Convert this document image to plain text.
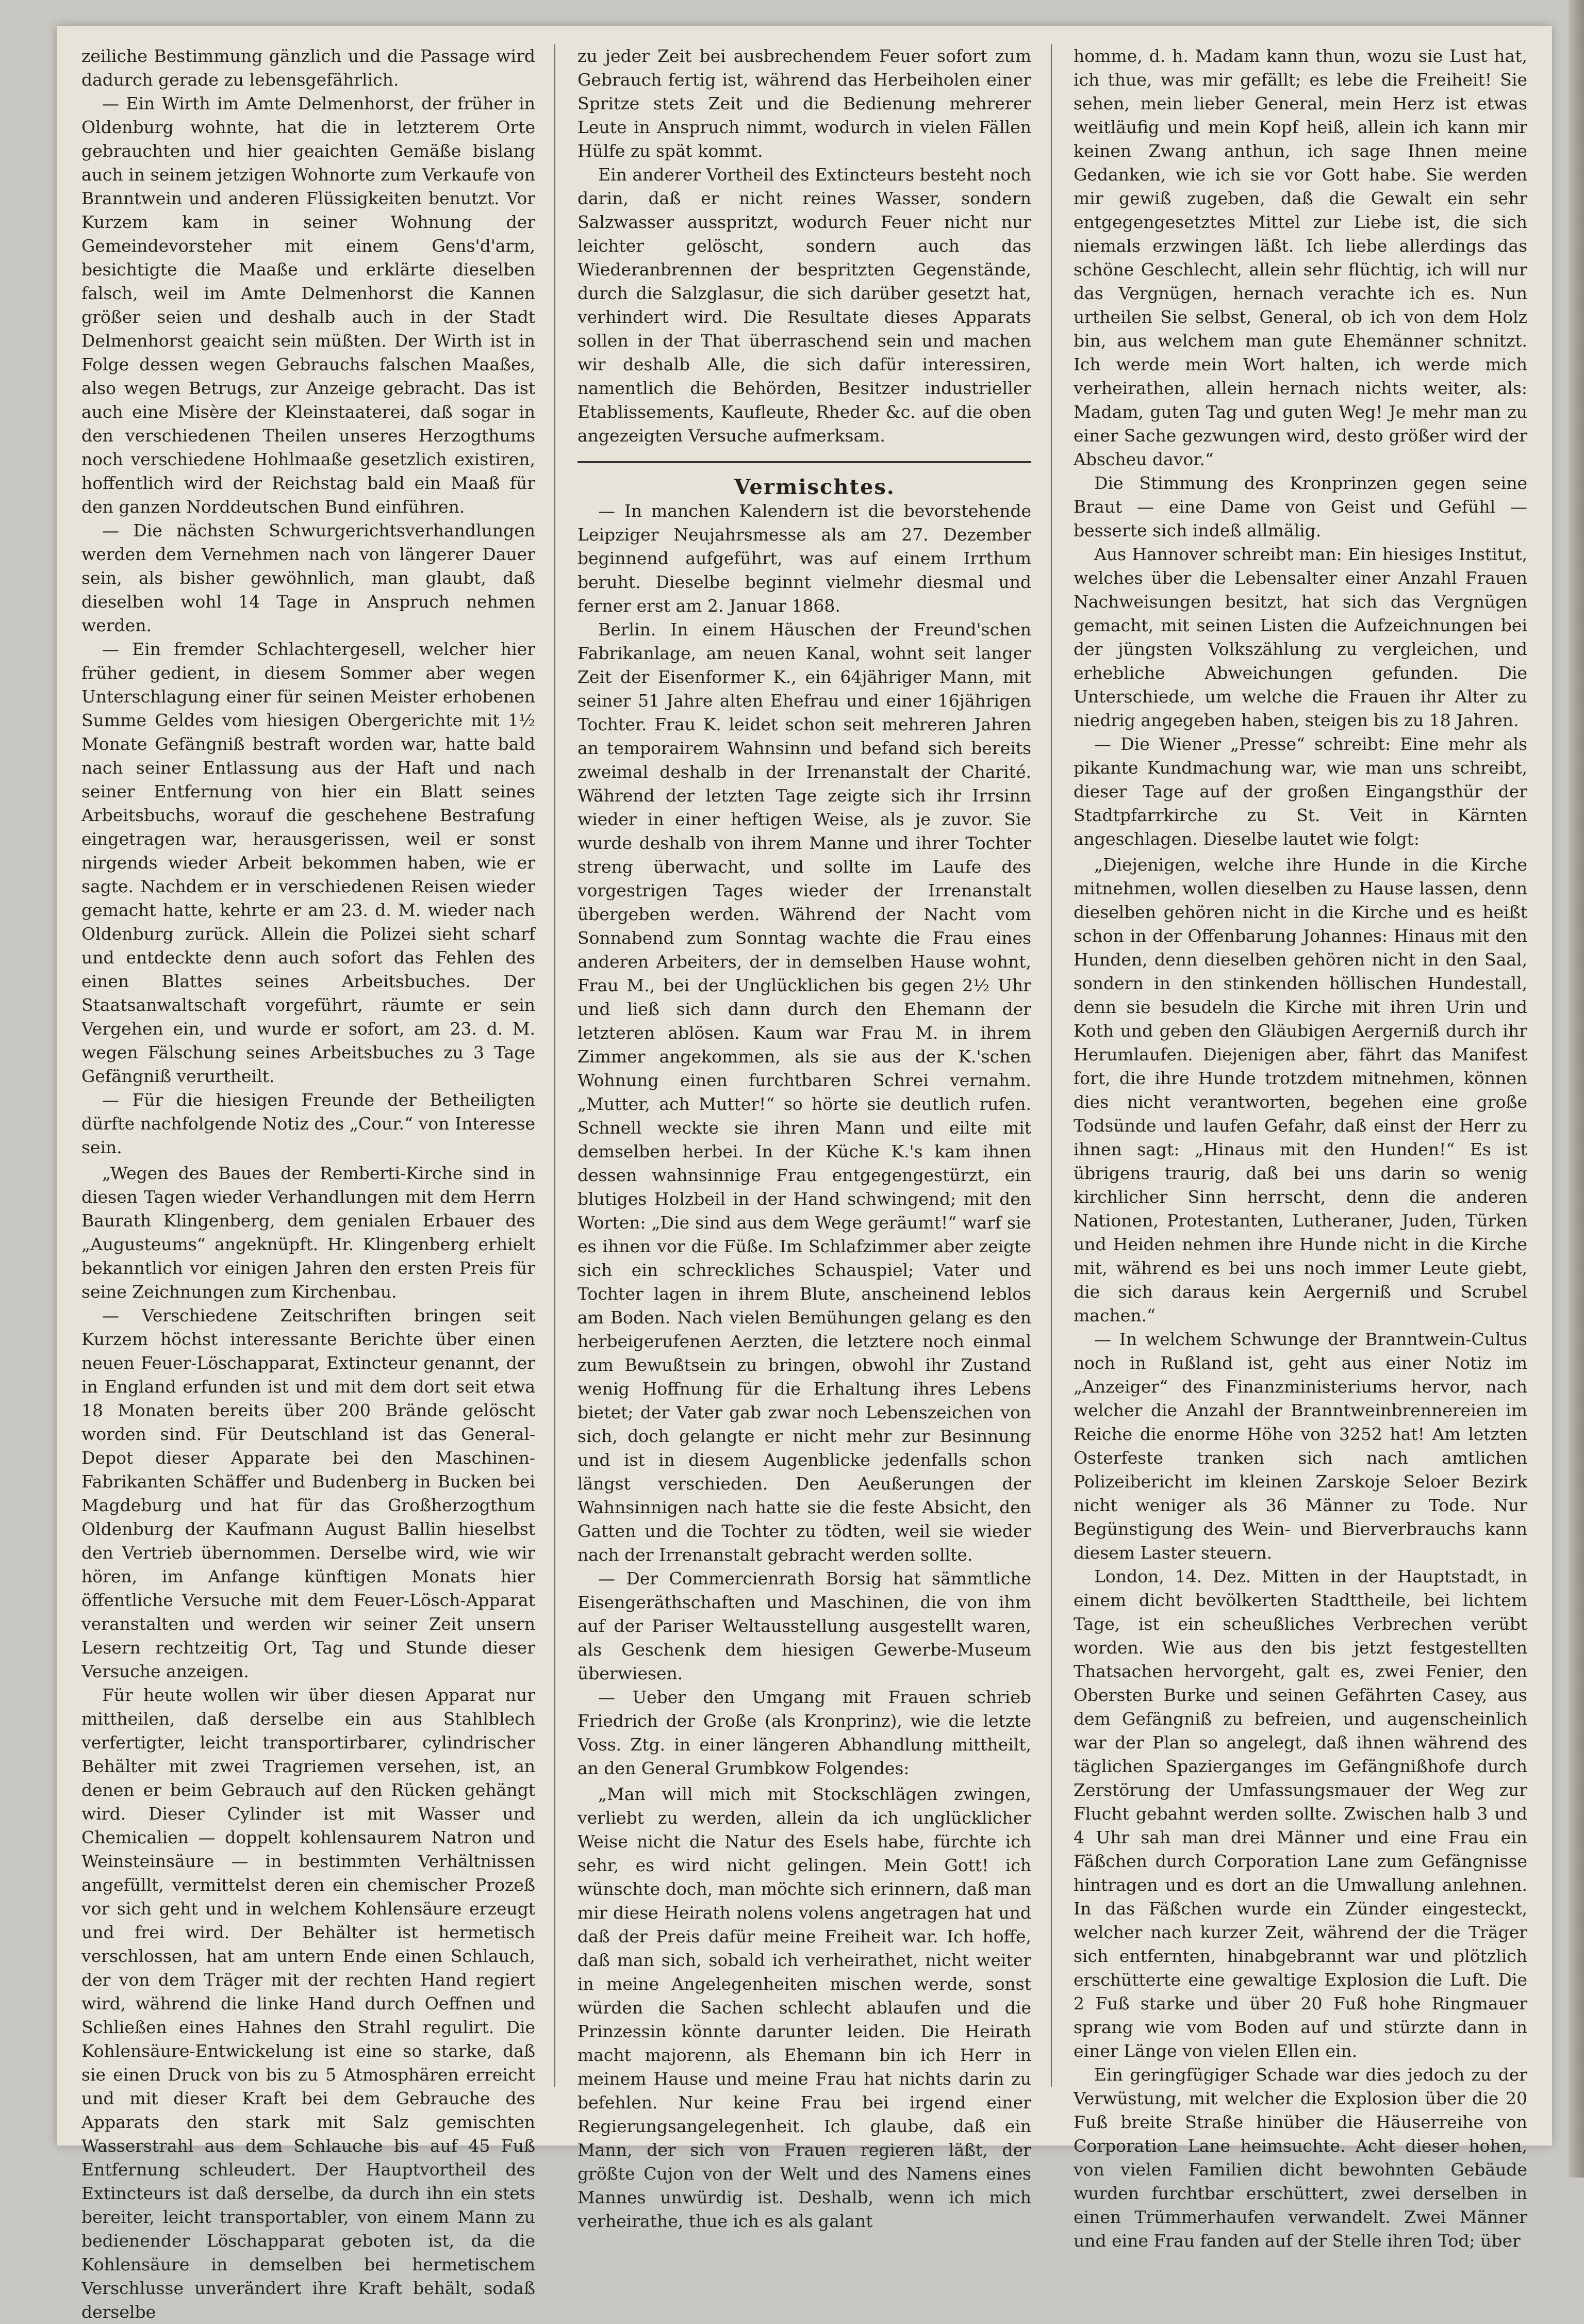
zeiliche Bestimmung gänzlich und die Passage wird dadurch gerade zu lebensgefährlich.

— Ein Wirth im Amte Delmenhorst, der früher in Oldenburg wohnte, hat die in letzterem Orte gebrauchten und hier geaichten Gemäße bislang auch in seinem jetzigen Wohnorte zum Verkaufe von Branntwein und anderen Flüssigkeiten benutzt. Vor Kurzem kam in seiner Wohnung der Gemeindevorsteher mit einem Gens'd'arm, besichtigte die Maaße und erklärte dieselben falsch, weil im Amte Delmenhorst die Kannen größer seien und deshalb auch in der Stadt Delmenhorst geaicht sein müßten. Der Wirth ist in Folge dessen wegen Gebrauchs falschen Maaßes, also wegen Betrugs, zur Anzeige gebracht. Das ist auch eine Misère der Kleinstaaterei, daß sogar in den verschiedenen Theilen unseres Herzogthums noch verschiedene Hohlmaaße gesetzlich existiren, hoffentlich wird der Reichstag bald ein Maaß für den ganzen Norddeutschen Bund einführen.

— Die nächsten Schwurgerichtsverhandlungen werden dem Vernehmen nach von längerer Dauer sein, als bisher gewöhnlich, man glaubt, daß dieselben wohl 14 Tage in Anspruch nehmen werden.

— Ein fremder Schlachtergesell, welcher hier früher gedient, in diesem Sommer aber wegen Unterschlagung einer für seinen Meister erhobenen Summe Geldes vom hiesigen Obergerichte mit 1½ Monate Gefängniß bestraft worden war, hatte bald nach seiner Entlassung aus der Haft und nach seiner Entfernung von hier ein Blatt seines Arbeitsbuchs, worauf die geschehene Bestrafung eingetragen war, herausgerissen, weil er sonst nirgends wieder Arbeit bekommen haben, wie er sagte. Nachdem er in verschiedenen Reisen wieder gemacht hatte, kehrte er am 23. d. M. wieder nach Oldenburg zurück. Allein die Polizei sieht scharf und entdeckte denn auch sofort das Fehlen des einen Blattes seines Arbeitsbuches. Der Staatsanwaltschaft vorgeführt, räumte er sein Vergehen ein, und wurde er sofort, am 23. d. M. wegen Fälschung seines Arbeitsbuches zu 3 Tage Gefängniß verurtheilt.

— Für die hiesigen Freunde der Betheiligten dürfte nachfolgende Notiz des „Cour.“ von Interesse sein.

„Wegen des Baues der Remberti-Kirche sind in diesen Tagen wieder Verhandlungen mit dem Herrn Baurath Klingenberg, dem genialen Erbauer des „Augusteums“ angeknüpft. Hr. Klingenberg erhielt bekanntlich vor einigen Jahren den ersten Preis für seine Zeichnungen zum Kirchenbau.

— Verschiedene Zeitschriften bringen seit Kurzem höchst interessante Berichte über einen neuen Feuer-Löschapparat, Extincteur genannt, der in England erfunden ist und mit dem dort seit etwa 18 Monaten bereits über 200 Brände gelöscht worden sind. Für Deutschland ist das General-Depot dieser Apparate bei den Maschinen-Fabrikanten Schäffer und Budenberg in Bucken bei Magdeburg und hat für das Großherzogthum Oldenburg der Kaufmann August Ballin hieselbst den Vertrieb übernommen. Derselbe wird, wie wir hören, im Anfange künftigen Monats hier öffentliche Versuche mit dem Feuer-Lösch-Apparat veranstalten und werden wir seiner Zeit unsern Lesern rechtzeitig Ort, Tag und Stunde dieser Versuche anzeigen.

Für heute wollen wir über diesen Apparat nur mittheilen, daß derselbe ein aus Stahlblech verfertigter, leicht transportirbarer, cylindrischer Behälter mit zwei Tragriemen versehen, ist, an denen er beim Gebrauch auf den Rücken gehängt wird. Dieser Cylinder ist mit Wasser und Chemicalien — doppelt kohlensaurem Natron und Weinsteinsäure — in bestimmten Verhältnissen angefüllt, vermittelst deren ein chemischer Prozeß vor sich geht und in welchem Kohlensäure erzeugt und frei wird. Der Behälter ist hermetisch verschlossen, hat am untern Ende einen Schlauch, der von dem Träger mit der rechten Hand regiert wird, während die linke Hand durch Oeffnen und Schließen eines Hahnes den Strahl regulirt. Die Kohlensäure-Entwickelung ist eine so starke, daß sie einen Druck von bis zu 5 Atmosphären erreicht und mit dieser Kraft bei dem Gebrauche des Apparats den stark mit Salz gemischten Wasserstrahl aus dem Schlauche bis auf 45 Fuß Entfernung schleudert. Der Hauptvortheil des Extincteurs ist daß derselbe, da durch ihn ein stets bereiter, leicht transportabler, von einem Mann zu bedienender Löschapparat geboten ist, da die Kohlensäure in demselben bei hermetischem Verschlusse unverändert ihre Kraft behält, sodaß derselbe

zu jeder Zeit bei ausbrechendem Feuer sofort zum Gebrauch fertig ist, während das Herbeiholen einer Spritze stets Zeit und die Bedienung mehrerer Leute in Anspruch nimmt, wodurch in vielen Fällen Hülfe zu spät kommt.

Ein anderer Vortheil des Extincteurs besteht noch darin, daß er nicht reines Wasser, sondern Salzwasser ausspritzt, wodurch Feuer nicht nur leichter gelöscht, sondern auch das Wiederanbrennen der bespritzten Gegenstände, durch die Salzglasur, die sich darüber gesetzt hat, verhindert wird. Die Resultate dieses Apparats sollen in der That überraschend sein und machen wir deshalb Alle, die sich dafür interessiren, namentlich die Behörden, Besitzer industrieller Etablissements, Kaufleute, Rheder &c. auf die oben angezeigten Versuche aufmerksam.

Vermischtes.

— In manchen Kalendern ist die bevorstehende Leipziger Neujahrsmesse als am 27. Dezember beginnend aufgeführt, was auf einem Irrthum beruht. Dieselbe beginnt vielmehr diesmal und ferner erst am 2. Januar 1868.

Berlin. In einem Häuschen der Freund'schen Fabrikanlage, am neuen Kanal, wohnt seit langer Zeit der Eisenformer K., ein 64jähriger Mann, mit seiner 51 Jahre alten Ehefrau und einer 16jährigen Tochter. Frau K. leidet schon seit mehreren Jahren an temporairem Wahnsinn und befand sich bereits zweimal deshalb in der Irrenanstalt der Charité. Während der letzten Tage zeigte sich ihr Irrsinn wieder in einer heftigen Weise, als je zuvor. Sie wurde deshalb von ihrem Manne und ihrer Tochter streng überwacht, und sollte im Laufe des vorgestrigen Tages wieder der Irrenanstalt übergeben werden. Während der Nacht vom Sonnabend zum Sonntag wachte die Frau eines anderen Arbeiters, der in demselben Hause wohnt, Frau M., bei der Unglücklichen bis gegen 2½ Uhr und ließ sich dann durch den Ehemann der letzteren ablösen. Kaum war Frau M. in ihrem Zimmer angekommen, als sie aus der K.'schen Wohnung einen furchtbaren Schrei vernahm. „Mutter, ach Mutter!“ so hörte sie deutlich rufen. Schnell weckte sie ihren Mann und eilte mit demselben herbei. In der Küche K.'s kam ihnen dessen wahnsinnige Frau entgegengestürzt, ein blutiges Holzbeil in der Hand schwingend; mit den Worten: „Die sind aus dem Wege geräumt!“ warf sie es ihnen vor die Füße. Im Schlafzimmer aber zeigte sich ein schreckliches Schauspiel; Vater und Tochter lagen in ihrem Blute, anscheinend leblos am Boden. Nach vielen Bemühungen gelang es den herbeigerufenen Aerzten, die letztere noch einmal zum Bewußtsein zu bringen, obwohl ihr Zustand wenig Hoffnung für die Erhaltung ihres Lebens bietet; der Vater gab zwar noch Lebenszeichen von sich, doch gelangte er nicht mehr zur Besinnung und ist in diesem Augenblicke jedenfalls schon längst verschieden. Den Aeußerungen der Wahnsinnigen nach hatte sie die feste Absicht, den Gatten und die Tochter zu tödten, weil sie wieder nach der Irrenanstalt gebracht werden sollte.

— Der Commercienrath Borsig hat sämmtliche Eisengeräthschaften und Maschinen, die von ihm auf der Pariser Weltausstellung ausgestellt waren, als Geschenk dem hiesigen Gewerbe-Museum überwiesen.

— Ueber den Umgang mit Frauen schrieb Friedrich der Große (als Kronprinz), wie die letzte Voss. Ztg. in einer längeren Abhandlung mittheilt, an den General Grumbkow Folgendes:

„Man will mich mit Stockschlägen zwingen, verliebt zu werden, allein da ich unglücklicher Weise nicht die Natur des Esels habe, fürchte ich sehr, es wird nicht gelingen. Mein Gott! ich wünschte doch, man möchte sich erinnern, daß man mir diese Heirath nolens volens angetragen hat und daß der Preis dafür meine Freiheit war. Ich hoffe, daß man sich, sobald ich verheirathet, nicht weiter in meine Angelegenheiten mischen werde, sonst würden die Sachen schlecht ablaufen und die Prinzessin könnte darunter leiden. Die Heirath macht majorenn, als Ehemann bin ich Herr in meinem Hause und meine Frau hat nichts darin zu befehlen. Nur keine Frau bei irgend einer Regierungsangelegenheit. Ich glaube, daß ein Mann, der sich von Frauen regieren läßt, der größte Cujon von der Welt und des Namens eines Mannes unwürdig ist. Deshalb, wenn ich mich verheirathe, thue ich es als galant

homme, d. h. Madam kann thun, wozu sie Lust hat, ich thue, was mir gefällt; es lebe die Freiheit! Sie sehen, mein lieber General, mein Herz ist etwas weitläufig und mein Kopf heiß, allein ich kann mir keinen Zwang anthun, ich sage Ihnen meine Gedanken, wie ich sie vor Gott habe. Sie werden mir gewiß zugeben, daß die Gewalt ein sehr entgegengesetztes Mittel zur Liebe ist, die sich niemals erzwingen läßt. Ich liebe allerdings das schöne Geschlecht, allein sehr flüchtig, ich will nur das Vergnügen, hernach verachte ich es. Nun urtheilen Sie selbst, General, ob ich von dem Holz bin, aus welchem man gute Ehemänner schnitzt. Ich werde mein Wort halten, ich werde mich verheirathen, allein hernach nichts weiter, als: Madam, guten Tag und guten Weg! Je mehr man zu einer Sache gezwungen wird, desto größer wird der Abscheu davor.“

Die Stimmung des Kronprinzen gegen seine Braut — eine Dame von Geist und Gefühl — besserte sich indeß allmälig.

Aus Hannover schreibt man: Ein hiesiges Institut, welches über die Lebensalter einer Anzahl Frauen Nachweisungen besitzt, hat sich das Vergnügen gemacht, mit seinen Listen die Aufzeichnungen bei der jüngsten Volkszählung zu vergleichen, und erhebliche Abweichungen gefunden. Die Unterschiede, um welche die Frauen ihr Alter zu niedrig angegeben haben, steigen bis zu 18 Jahren.

— Die Wiener „Presse“ schreibt: Eine mehr als pikante Kundmachung war, wie man uns schreibt, dieser Tage auf der großen Eingangsthür der Stadtpfarrkirche zu St. Veit in Kärnten angeschlagen. Dieselbe lautet wie folgt:

„Diejenigen, welche ihre Hunde in die Kirche mitnehmen, wollen dieselben zu Hause lassen, denn dieselben gehören nicht in die Kirche und es heißt schon in der Offenbarung Johannes: Hinaus mit den Hunden, denn dieselben gehören nicht in den Saal, sondern in den stinkenden höllischen Hundestall, denn sie besudeln die Kirche mit ihren Urin und Koth und geben den Gläubigen Aergerniß durch ihr Herumlaufen. Diejenigen aber, fährt das Manifest fort, die ihre Hunde trotzdem mitnehmen, können dies nicht verantworten, begehen eine große Todsünde und laufen Gefahr, daß einst der Herr zu ihnen sagt: „Hinaus mit den Hunden!“ Es ist übrigens traurig, daß bei uns darin so wenig kirchlicher Sinn herrscht, denn die anderen Nationen, Protestanten, Lutheraner, Juden, Türken und Heiden nehmen ihre Hunde nicht in die Kirche mit, während es bei uns noch immer Leute giebt, die sich daraus kein Aergerniß und Scrubel machen.“

— In welchem Schwunge der Branntwein-Cultus noch in Rußland ist, geht aus einer Notiz im „Anzeiger“ des Finanzministeriums hervor, nach welcher die Anzahl der Branntweinbrennereien im Reiche die enorme Höhe von 3252 hat! Am letzten Osterfeste tranken sich nach amtlichen Polizeibericht im kleinen Zarskoje Seloer Bezirk nicht weniger als 36 Männer zu Tode. Nur Begünstigung des Wein- und Bierverbrauchs kann diesem Laster steuern.

London, 14. Dez. Mitten in der Hauptstadt, in einem dicht bevölkerten Stadttheile, bei lichtem Tage, ist ein scheußliches Verbrechen verübt worden. Wie aus den bis jetzt festgestellten Thatsachen hervorgeht, galt es, zwei Fenier, den Obersten Burke und seinen Gefährten Casey, aus dem Gefängniß zu befreien, und augenscheinlich war der Plan so angelegt, daß ihnen während des täglichen Spazierganges im Gefängnißhofe durch Zerstörung der Umfassungsmauer der Weg zur Flucht gebahnt werden sollte. Zwischen halb 3 und 4 Uhr sah man drei Männer und eine Frau ein Fäßchen durch Corporation Lane zum Gefängnisse hintragen und es dort an die Umwallung anlehnen. In das Fäßchen wurde ein Zünder eingesteckt, welcher nach kurzer Zeit, während der die Träger sich entfernten, hinabgebrannt war und plötzlich erschütterte eine gewaltige Explosion die Luft. Die 2 Fuß starke und über 20 Fuß hohe Ringmauer sprang wie vom Boden auf und stürzte dann in einer Länge von vielen Ellen ein.

Ein geringfügiger Schade war dies jedoch zu der Verwüstung, mit welcher die Explosion über die 20 Fuß breite Straße hinüber die Häuserreihe von Corporation Lane heimsuchte. Acht dieser hohen, von vielen Familien dicht bewohnten Gebäude wurden furchtbar erschüttert, zwei derselben in einen Trümmerhaufen verwandelt. Zwei Männer und eine Frau fanden auf der Stelle ihren Tod; über
